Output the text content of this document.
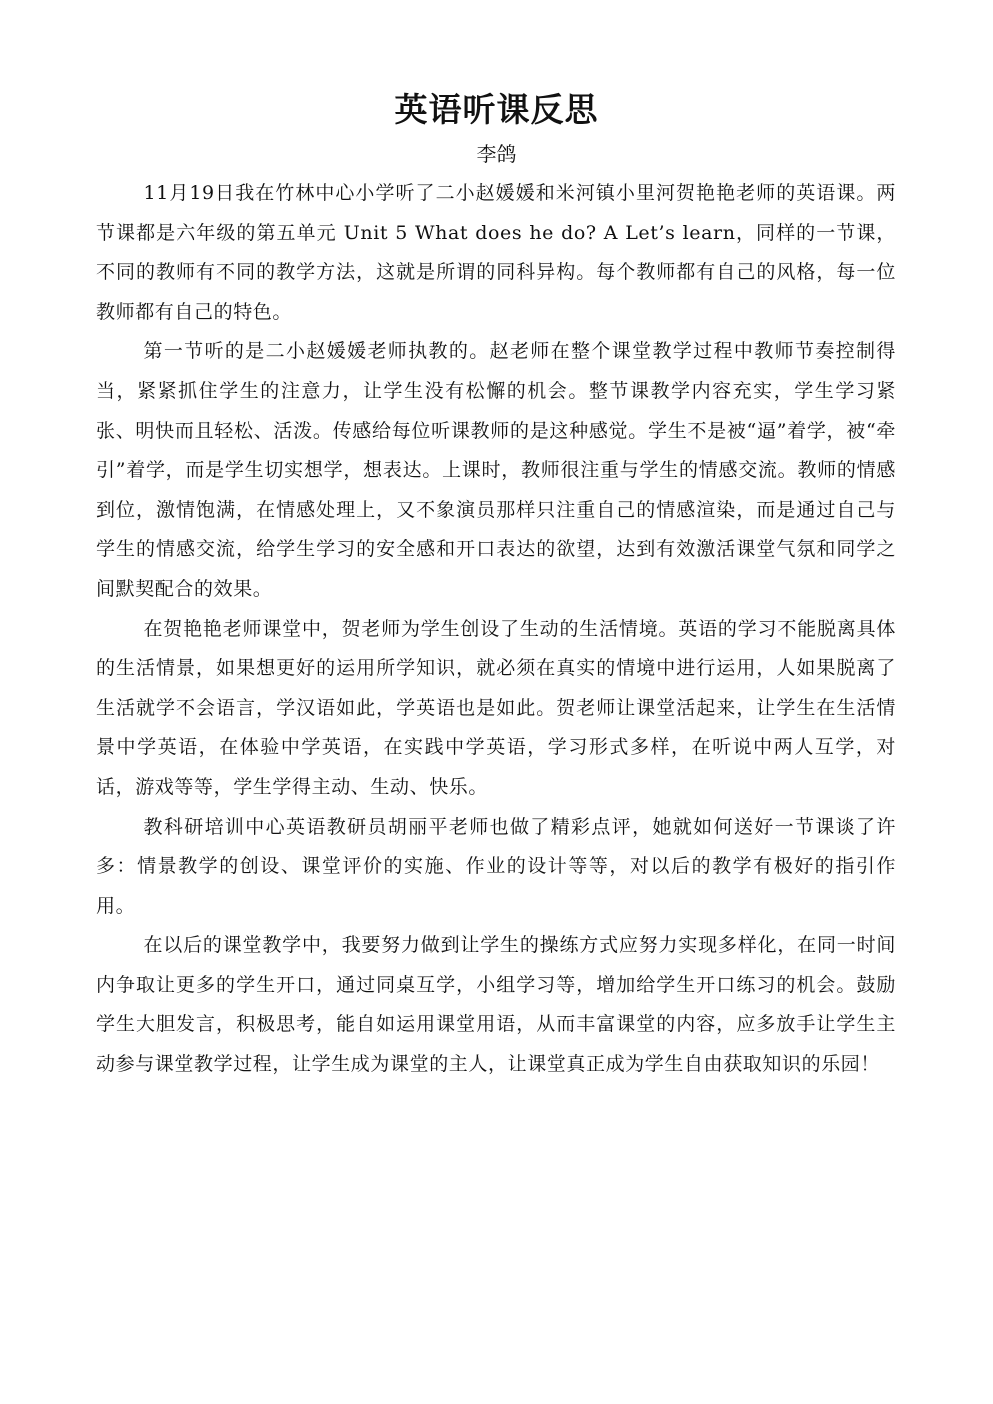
英语听课反思
李鸽

11月19日我在竹林中心小学听了二小赵媛媛和米河镇小里河贺艳艳老师的英语课。两节课都是六年级的第五单元 Unit 5 What does he do? A Let’s learn，同样的一节课，不同的教师有不同的教学方法，这就是所谓的同科异构。每个教师都有自己的风格，每一位教师都有自己的特色。

第一节听的是二小赵媛媛老师执教的。赵老师在整个课堂教学过程中教师节奏控制得当，紧紧抓住学生的注意力，让学生没有松懈的机会。整节课教学内容充实，学生学习紧张、明快而且轻松、活泼。传感给每位听课教师的是这种感觉。学生不是被“逼”着学，被“牵引”着学，而是学生切实想学，想表达。上课时，教师很注重与学生的情感交流。教师的情感到位，激情饱满，在情感处理上，又不象演员那样只注重自己的情感渲染，而是通过自己与学生的情感交流，给学生学习的安全感和开口表达的欲望，达到有效激活课堂气氛和同学之间默契配合的效果。

在贺艳艳老师课堂中，贺老师为学生创设了生动的生活情境。英语的学习不能脱离具体的生活情景，如果想更好的运用所学知识，就必须在真实的情境中进行运用，人如果脱离了生活就学不会语言，学汉语如此，学英语也是如此。贺老师让课堂活起来，让学生在生活情景中学英语，在体验中学英语，在实践中学英语，学习形式多样，在听说中两人互学，对话，游戏等等，学生学得主动、生动、快乐。

教科研培训中心英语教研员胡丽平老师也做了精彩点评，她就如何送好一节课谈了许多：情景教学的创设、课堂评价的实施、作业的设计等等，对以后的教学有极好的指引作用。

在以后的课堂教学中，我要努力做到让学生的操练方式应努力实现多样化，在同一时间内争取让更多的学生开口，通过同桌互学，小组学习等，增加给学生开口练习的机会。鼓励学生大胆发言，积极思考，能自如运用课堂用语，从而丰富课堂的内容，应多放手让学生主动参与课堂教学过程，让学生成为课堂的主人，让课堂真正成为学生自由获取知识的乐园！
